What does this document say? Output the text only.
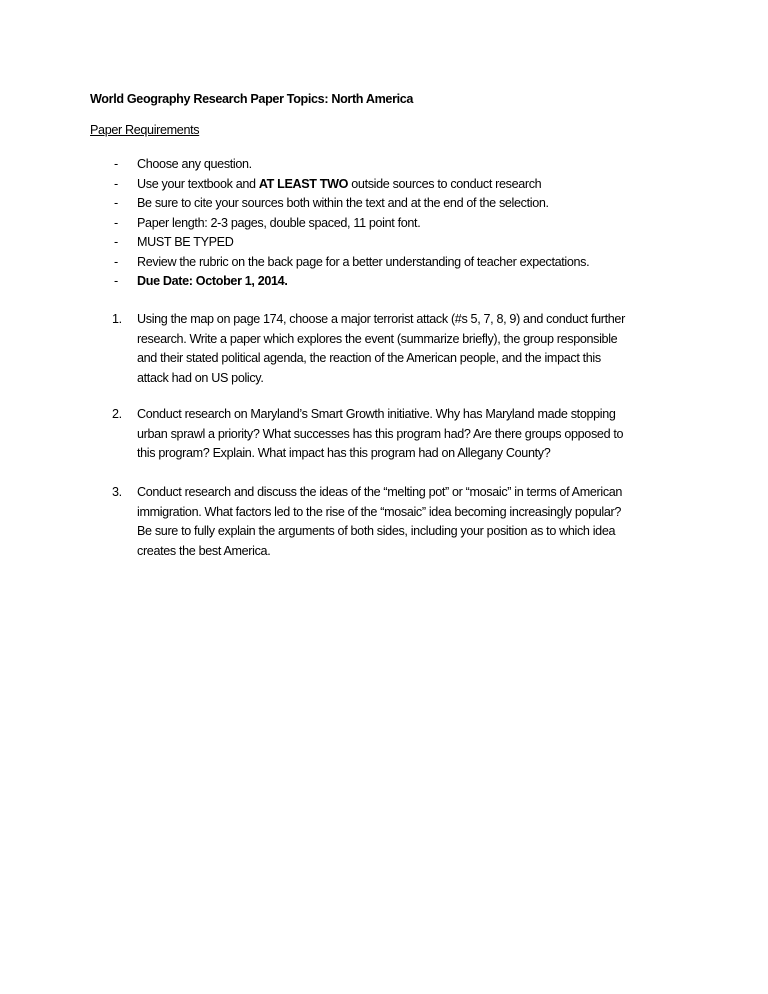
World Geography Research Paper Topics: North America
Paper Requirements
- Choose any question.
- Use your textbook and AT LEAST TWO outside sources to conduct research
- Be sure to cite your sources both within the text and at the end of the selection.
- Paper length: 2-3 pages, double spaced, 11 point font.
- MUST BE TYPED
- Review the rubric on the back page for a better understanding of teacher expectations.
- Due Date: October 1, 2014.
1. Using the map on page 174, choose a major terrorist attack (#s 5, 7, 8, 9) and conduct further
research. Write a paper which explores the event (summarize briefly), the group responsible
and their stated political agenda, the reaction of the American people, and the impact this
attack had on US policy.
2. Conduct research on Maryland’s Smart Growth initiative. Why has Maryland made stopping
urban sprawl a priority? What successes has this program had? Are there groups opposed to
this program? Explain. What impact has this program had on Allegany County?
3. Conduct research and discuss the ideas of the “melting pot” or “mosaic” in terms of American
immigration. What factors led to the rise of the “mosaic” idea becoming increasingly popular?
Be sure to fully explain the arguments of both sides, including your position as to which idea
creates the best America.
